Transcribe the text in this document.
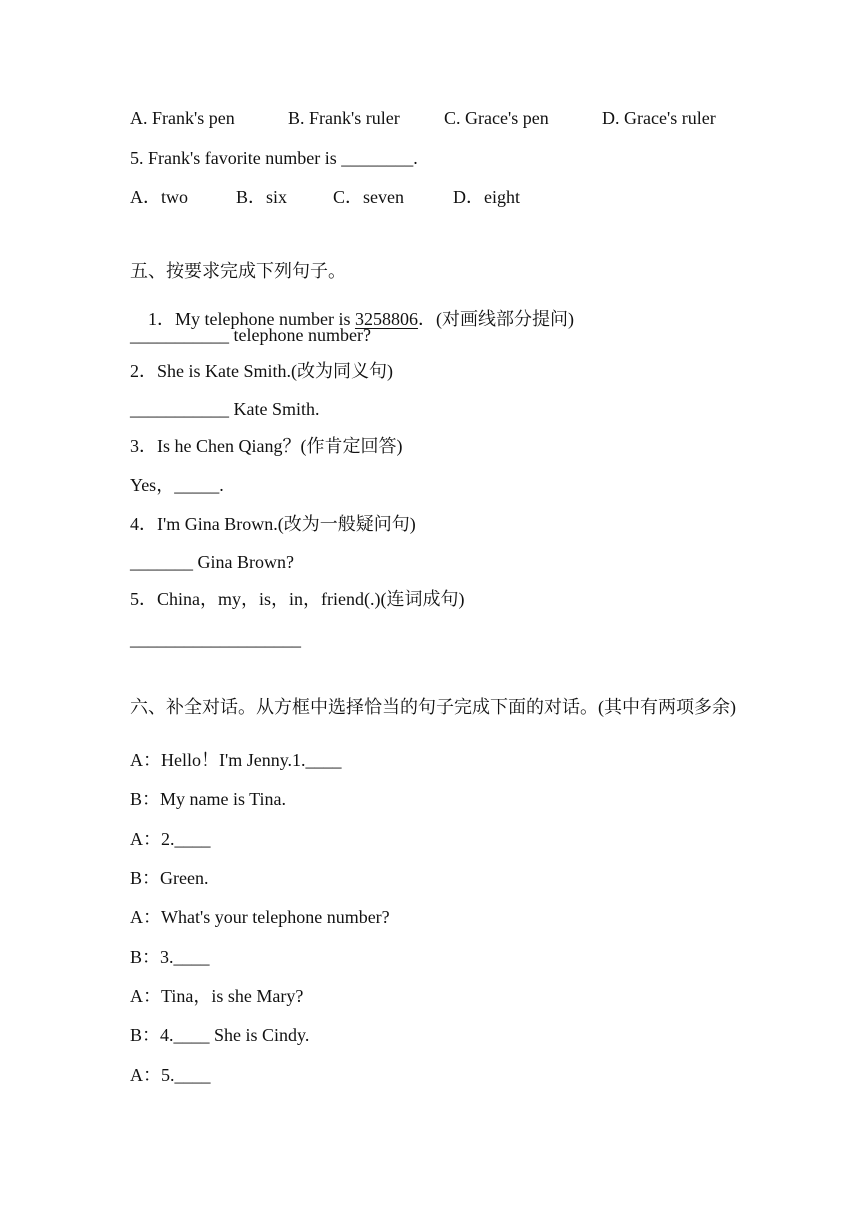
A. Frank's pen

	B. Frank's ruler

C. Grace's pen

	D. Grace's ruler

5. Frank's favorite number is ________.

A．two

	B．six

	C．seven

	D．eight

五、按要求完成下列句子。

1．My telephone number is 3258806．(对画线部分提问)

___________ telephone number?
2．She is Kate Smith.(改为同义句)
___________ Kate Smith.
3．Is he Chen Qiang？(作肯定回答)
Yes，_____.
4．I'm Gina Brown.(改为一般疑问句)
_______ Gina Brown?
5．China，my，is，in，friend(.)(连词成句)
___________________
六、补全对话。从方框中选择恰当的句子完成下面的对话。(其中有两项多余)
A：Hello！I'm Jenny.1.____
B：My name is Tina.
A：2.____
B：Green.
A：What's your telephone number?
B：3.____
A：Tina，is she Mary?
B：4.____ She is Cindy.
A：5.____
